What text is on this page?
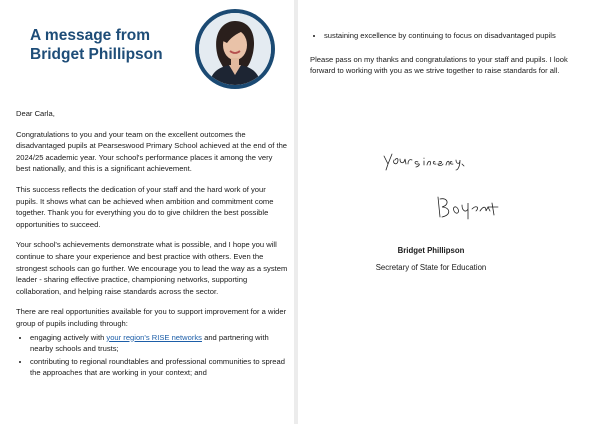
A message from
Bridget Phillipson

Dear Carla,

Congratulations to you and your team on the excellent outcomes the disadvantaged pupils at Pearseswood Primary School achieved at the end of the 2024/25 academic year. Your school's performance places it among the very best nationally, and this is a significant achievement.

This success reflects the dedication of your staff and the hard work of your pupils. It shows what can be achieved when ambition and commitment come together. Thank you for everything you do to give children the best possible opportunities to succeed.

Your school's achievements demonstrate what is possible, and I hope you will continue to share your experience and best practice with others. Even the strongest schools can go further. We encourage you to lead the way as a system leader - sharing effective practice, championing networks, supporting collaboration, and helping raise standards across the sector.

There are real opportunities available for you to support improvement for a wider group of pupils including through:

• engaging actively with your region's RISE networks and partnering with nearby schools and trusts;
• contributing to regional roundtables and professional communities to spread the approaches that are working in your context; and
• sustaining excellence by continuing to focus on disadvantaged pupils

Please pass on my thanks and congratulations to your staff and pupils. I look forward to working with you as we strive together to raise standards for all.

Bridget Phillipson
Secretary of State for Education
